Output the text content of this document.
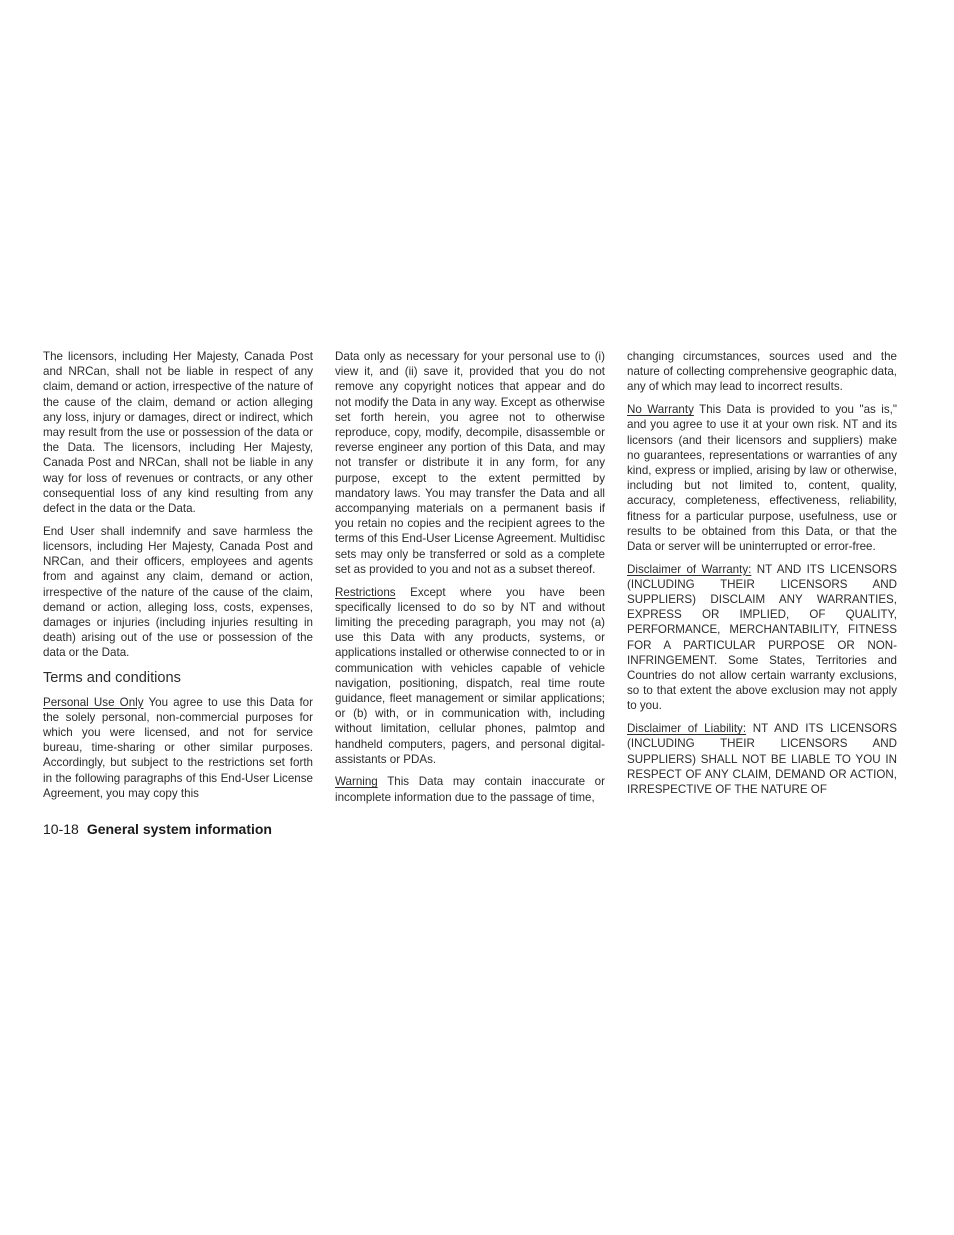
The licensors, including Her Majesty, Canada Post and NRCan, shall not be liable in respect of any claim, demand or action, irrespective of the nature of the cause of the claim, demand or action alleging any loss, injury or damages, direct or indirect, which may result from the use or possession of the data or the Data. The licensors, including Her Majesty, Canada Post and NRCan, shall not be liable in any way for loss of revenues or contracts, or any other consequential loss of any kind resulting from any defect in the data or the Data.

End User shall indemnify and save harmless the licensors, including Her Majesty, Canada Post and NRCan, and their officers, employees and agents from and against any claim, demand or action, irrespective of the nature of the cause of the claim, demand or action, alleging loss, costs, expenses, damages or injuries (including injuries resulting in death) arising out of the use or possession of the data or the Data.

Terms and conditions

Personal Use Only You agree to use this Data for the solely personal, non-commercial purposes for which you were licensed, and not for service bureau, time-sharing or other similar purposes. Accordingly, but subject to the restrictions set forth in the following paragraphs of this End-User License Agreement, you may copy this

Data only as necessary for your personal use to (i) view it, and (ii) save it, provided that you do not remove any copyright notices that appear and do not modify the Data in any way. Except as otherwise set forth herein, you agree not to otherwise reproduce, copy, modify, decompile, disassemble or reverse engineer any portion of this Data, and may not transfer or distribute it in any form, for any purpose, except to the extent permitted by mandatory laws. You may transfer the Data and all accompanying materials on a permanent basis if you retain no copies and the recipient agrees to the terms of this End-User License Agreement. Multidisc sets may only be transferred or sold as a complete set as provided to you and not as a subset thereof.

Restrictions Except where you have been specifically licensed to do so by NT and without limiting the preceding paragraph, you may not (a) use this Data with any products, systems, or applications installed or otherwise connected to or in communication with vehicles capable of vehicle navigation, positioning, dispatch, real time route guidance, fleet management or similar applications; or (b) with, or in communication with, including without limitation, cellular phones, palmtop and handheld computers, pagers, and personal digital-assistants or PDAs.

Warning This Data may contain inaccurate or incomplete information due to the passage of time,

changing circumstances, sources used and the nature of collecting comprehensive geographic data, any of which may lead to incorrect results.

No Warranty This Data is provided to you "as is," and you agree to use it at your own risk. NT and its licensors (and their licensors and suppliers) make no guarantees, representations or warranties of any kind, express or implied, arising by law or otherwise, including but not limited to, content, quality, accuracy, completeness, effectiveness, reliability, fitness for a particular purpose, usefulness, use or results to be obtained from this Data, or that the Data or server will be uninterrupted or error-free.

Disclaimer of Warranty: NT AND ITS LICENSORS (INCLUDING THEIR LICENSORS AND SUPPLIERS) DISCLAIM ANY WARRANTIES, EXPRESS OR IMPLIED, OF QUALITY, PERFORMANCE, MERCHANTABILITY, FITNESS FOR A PARTICULAR PURPOSE OR NON-INFRINGEMENT. Some States, Territories and Countries do not allow certain warranty exclusions, so to that extent the above exclusion may not apply to you.

Disclaimer of Liability: NT AND ITS LICENSORS (INCLUDING THEIR LICENSORS AND SUPPLIERS) SHALL NOT BE LIABLE TO YOU IN RESPECT OF ANY CLAIM, DEMAND OR ACTION, IRRESPECTIVE OF THE NATURE OF

10-18 General system information
